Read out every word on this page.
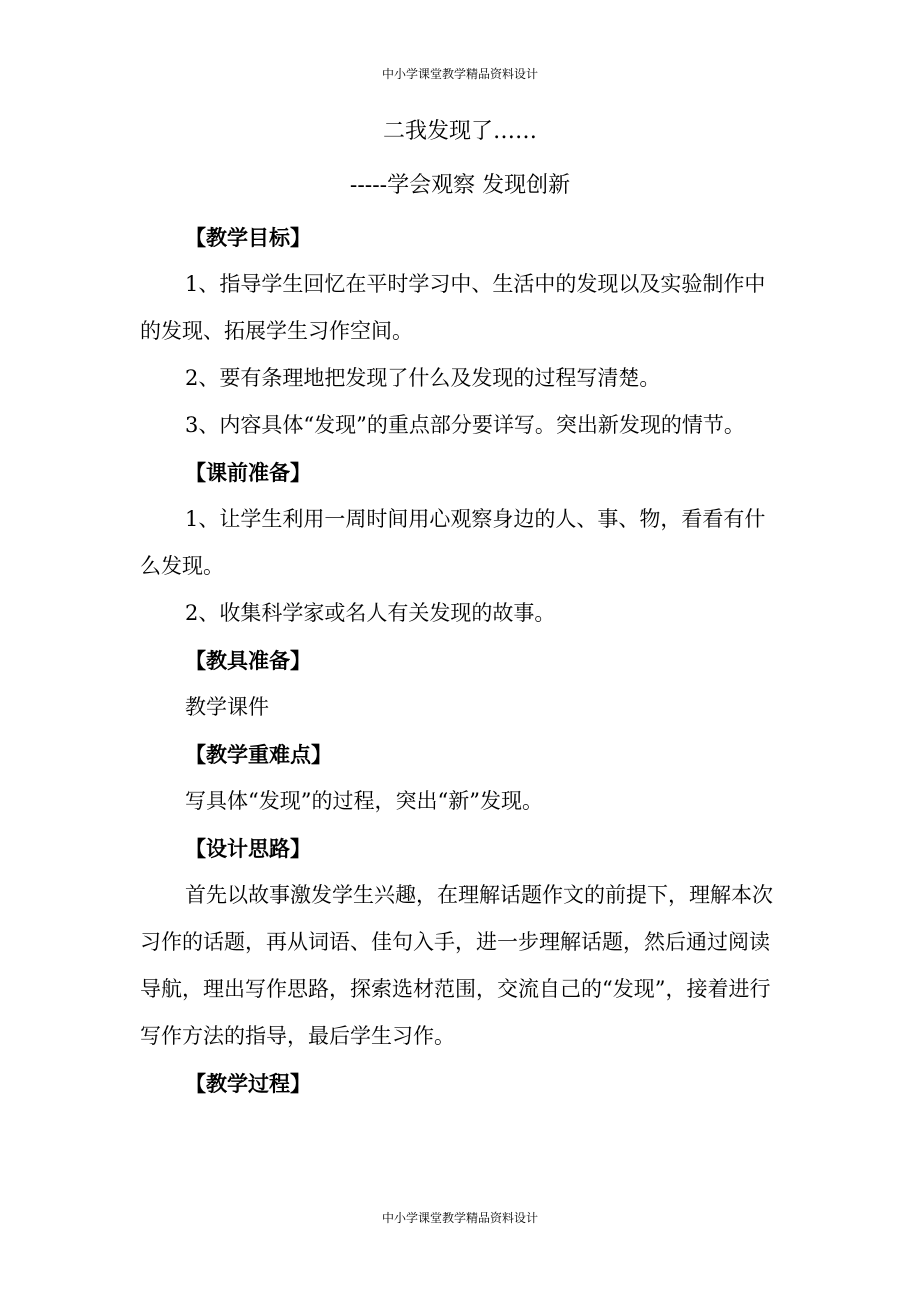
中小学课堂教学精品资料设计
二我发现了……
-----学会观察 发现创新

【教学目标】

1、指导学生回忆在平时学习中、生活中的发现以及实验制作中的发现、拓展学生习作空间。

2、要有条理地把发现了什么及发现的过程写清楚。

3、内容具体“发现”的重点部分要详写。突出新发现的情节。

【课前准备】

1、让学生利用一周时间用心观察身边的人、事、物，看看有什么发现。

2、收集科学家或名人有关发现的故事。

【教具准备】

教学课件

【教学重难点】

写具体“发现”的过程，突出“新”发现。

【设计思路】

首先以故事激发学生兴趣，在理解话题作文的前提下，理解本次习作的话题，再从词语、佳句入手，进一步理解话题，然后通过阅读导航，理出写作思路，探索选材范围，交流自己的“发现”，接着进行写作方法的指导，最后学生习作。

【教学过程】

中小学课堂教学精品资料设计
